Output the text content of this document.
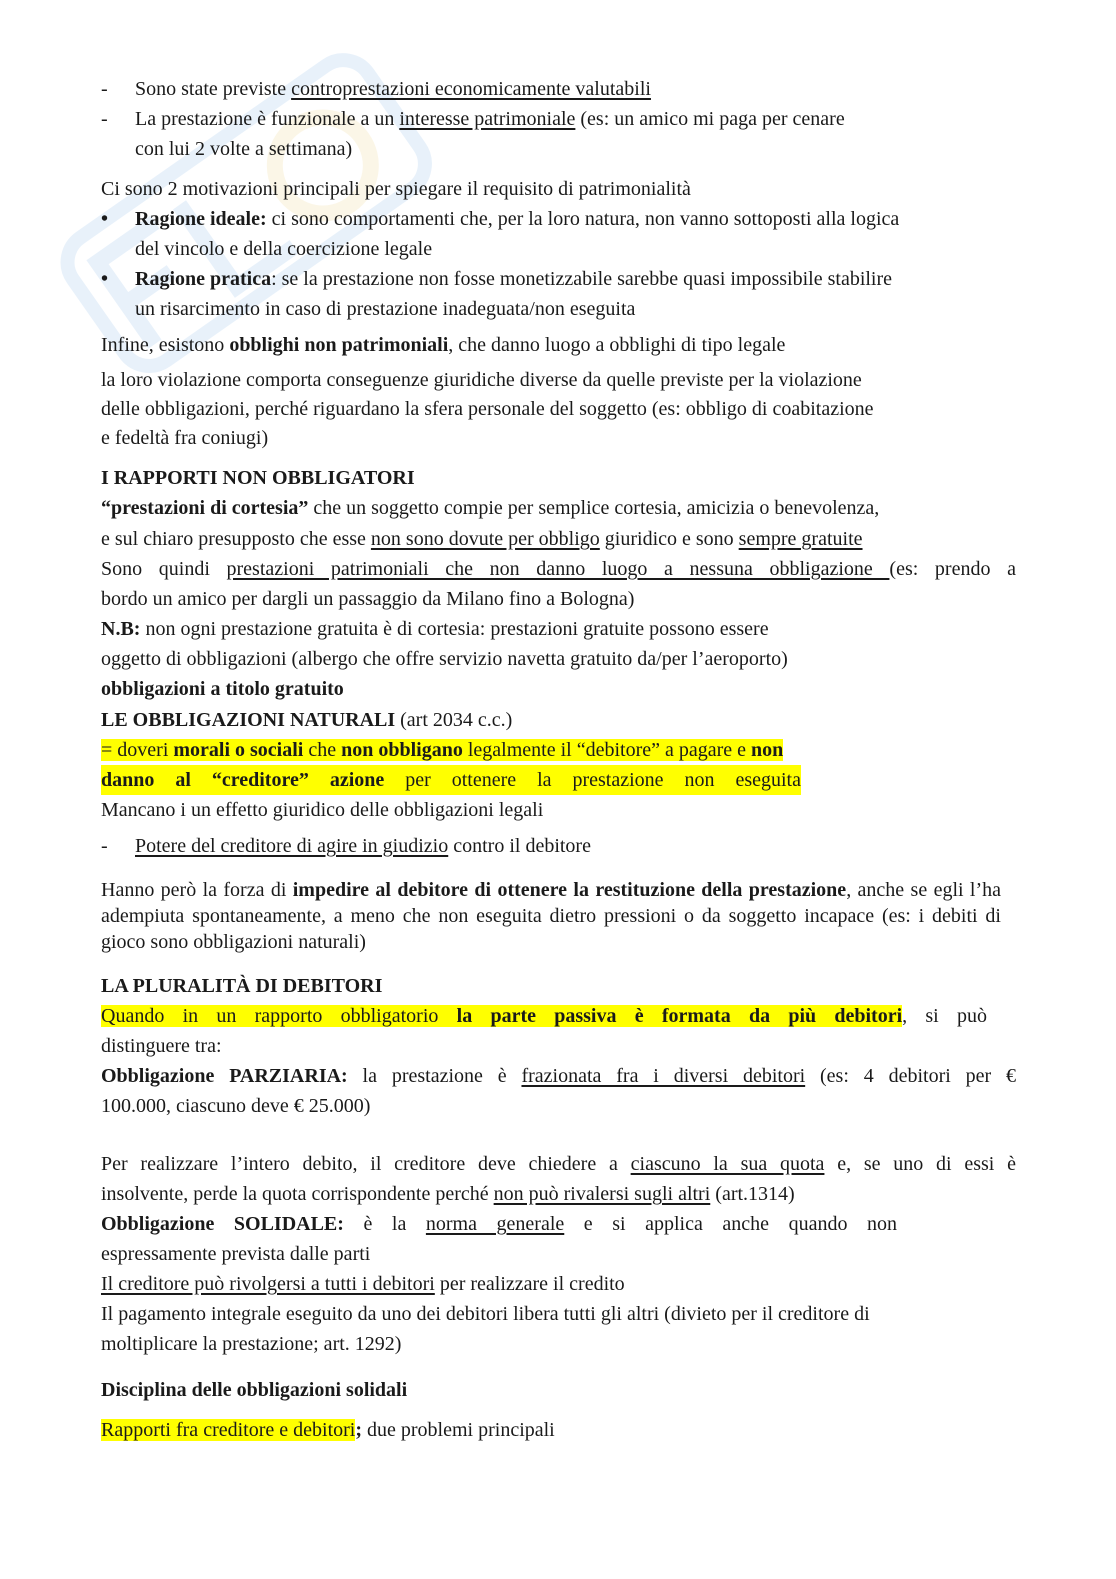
- Sono state previste controprestazioni economicamente valutabili
- La prestazione è funzionale a un interesse patrimoniale (es: un amico mi paga per cenare
con lui 2 volte a settimana)

Ci sono 2 motivazioni principali per spiegare il requisito di patrimonialità

• Ragione ideale: ci sono comportamenti che, per la loro natura, non vanno sottoposti alla logica
del vincolo e della coercizione legale
• Ragione pratica: se la prestazione non fosse monetizzabile sarebbe quasi impossibile stabilire
un risarcimento in caso di prestazione inadeguata/non eseguita

Infine, esistono obblighi non patrimoniali, che danno luogo a obblighi di tipo legale

la loro violazione comporta conseguenze giuridiche diverse da quelle previste per la violazione
delle obbligazioni, perché riguardano la sfera personale del soggetto (es: obbligo di coabitazione
e fedeltà fra coniugi)

I RAPPORTI NON OBBLIGATORI

“prestazioni di cortesia” che un soggetto compie per semplice cortesia, amicizia o benevolenza,

e sul chiaro presupposto che esse non sono dovute per obbligo giuridico e sono sempre gratuite

Sono quindi prestazioni patrimoniali che non danno luogo a nessuna obbligazione (es: prendo a

bordo un amico per dargli un passaggio da Milano fino a Bologna)

N.B: non ogni prestazione gratuita è di cortesia: prestazioni gratuite possono essere

oggetto di obbligazioni (albergo che offre servizio navetta gratuito da/per l’aeroporto)

obbligazioni a titolo gratuito

LE OBBLIGAZIONI NATURALI (art 2034 c.c.)

= doveri morali o sociali che non obbligano legalmente il “debitore” a pagare e non

danno al “creditore” azione per ottenere la prestazione non eseguita

Mancano i un effetto giuridico delle obbligazioni legali

- Potere del creditore di agire in giudizio contro il debitore

Hanno però la forza di impedire al debitore di ottenere la restituzione della prestazione, anche se egli l’ha adempiuta spontaneamente, a meno che non eseguita dietro pressioni o da soggetto incapace (es: i debiti di gioco sono obbligazioni naturali)

LA PLURALITÀ DI DEBITORI

Quando in un rapporto obbligatorio la parte passiva è formata da più debitori, si può

distinguere tra:

Obbligazione PARZIARIA: la prestazione è frazionata fra i diversi debitori (es: 4 debitori per €

100.000, ciascuno deve € 25.000)

Per realizzare l’intero debito, il creditore deve chiedere a ciascuno la sua quota e, se uno di essi è

insolvente, perde la quota corrispondente perché non può rivalersi sugli altri (art.1314)

Obbligazione SOLIDALE: è la norma generale e si applica anche quando non

espressamente prevista dalle parti

Il creditore può rivolgersi a tutti i debitori per realizzare il credito

Il pagamento integrale eseguito da uno dei debitori libera tutti gli altri (divieto per il creditore di

moltiplicare la prestazione; art. 1292)

Disciplina delle obbligazioni solidali

Rapporti fra creditore e debitori; due problemi principali
